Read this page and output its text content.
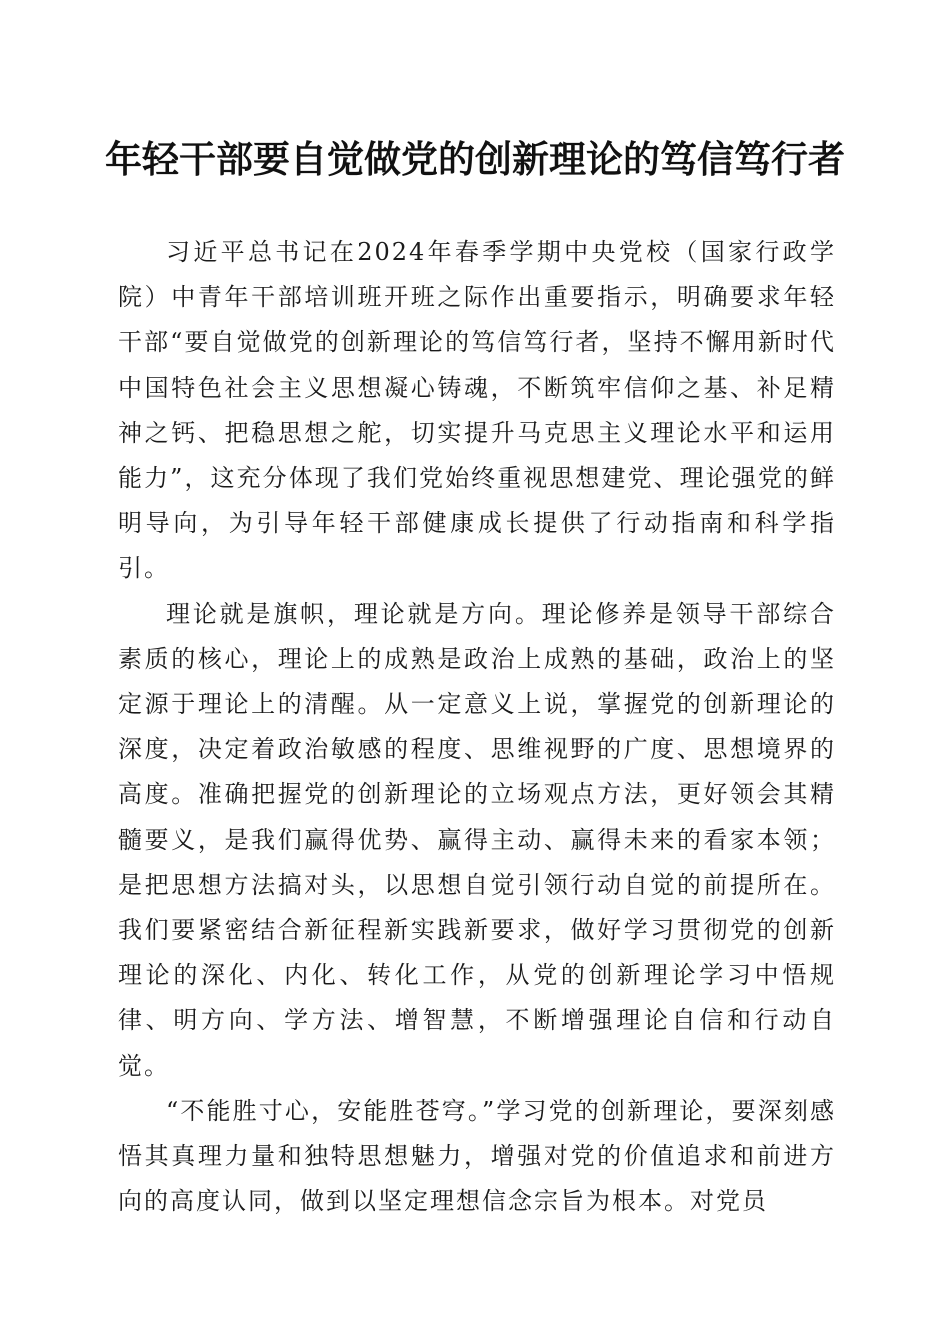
年轻干部要自觉做党的创新理论的笃信笃行者

习近平总书记在2024年春季学期中央党校（国家行政学院）中青年干部培训班开班之际作出重要指示，明确要求年轻干部“要自觉做党的创新理论的笃信笃行者，坚持不懈用新时代中国特色社会主义思想凝心铸魂，不断筑牢信仰之基、补足精神之钙、把稳思想之舵，切实提升马克思主义理论水平和运用能力”，这充分体现了我们党始终重视思想建党、理论强党的鲜明导向，为引导年轻干部健康成长提供了行动指南和科学指引。

理论就是旗帜，理论就是方向。理论修养是领导干部综合素质的核心，理论上的成熟是政治上成熟的基础，政治上的坚定源于理论上的清醒。从一定意义上说，掌握党的创新理论的深度，决定着政治敏感的程度、思维视野的广度、思想境界的高度。准确把握党的创新理论的立场观点方法，更好领会其精髓要义，是我们赢得优势、赢得主动、赢得未来的看家本领；是把思想方法搞对头，以思想自觉引领行动自觉的前提所在。我们要紧密结合新征程新实践新要求，做好学习贯彻党的创新理论的深化、内化、转化工作，从党的创新理论学习中悟规律、明方向、学方法、增智慧，不断增强理论自信和行动自觉。

“不能胜寸心，安能胜苍穹。”学习党的创新理论，要深刻感悟其真理力量和独特思想魅力，增强对党的价值追求和前进方向的高度认同，做到以坚定理想信念宗旨为根本。对党员
